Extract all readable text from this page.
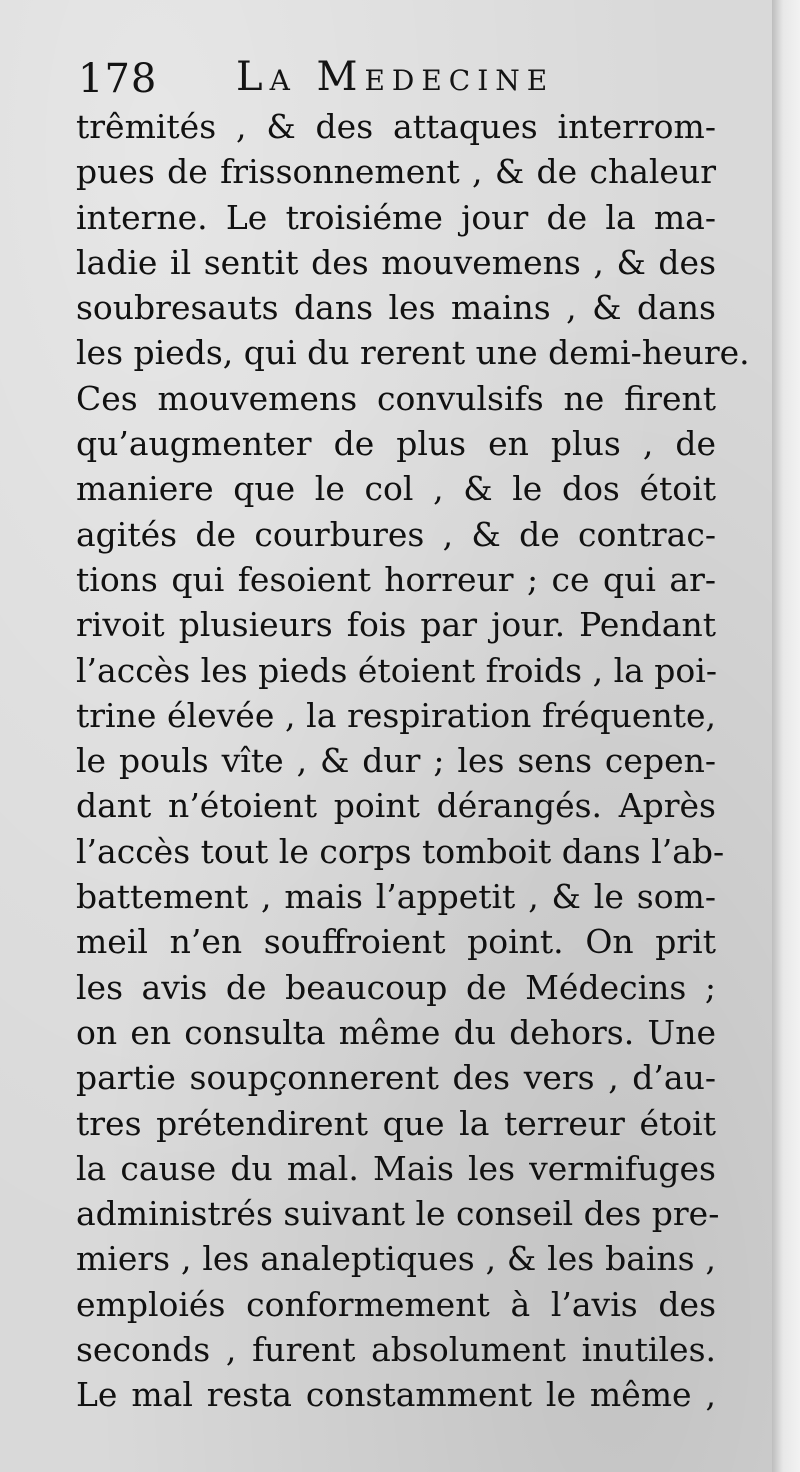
178 La Medecine
trêmités , & des attaques interrom-
pues de frissonnement , & de chaleur
interne. Le troisiéme jour de la ma-
ladie il sentit des mouvemens , & des
soubresauts dans les mains , & dans
les pieds, qui du rerent une demi-heure.
Ces mouvemens convulsifs ne firent
qu’augmenter de plus en plus , de
maniere que le col , & le dos étoit
agités de courbures , & de contrac-
tions qui fesoient horreur ; ce qui ar-
rivoit plusieurs fois par jour. Pendant
l’accès les pieds étoient froids , la poi-
trine élevée , la respiration fréquente,
le pouls vîte , & dur ; les sens cepen-
dant n’étoient point dérangés. Après
l’accès tout le corps tomboit dans l’ab-
battement , mais l’appetit , & le som-
meil n’en souffroient point. On prit
les avis de beaucoup de Médecins ;
on en consulta même du dehors. Une
partie soupçonnerent des vers , d’au-
tres prétendirent que la terreur étoit
la cause du mal. Mais les vermifuges
administrés suivant le conseil des pre-
miers , les analeptiques , & les bains ,
emploiés conformement à l’avis des
seconds , furent absolument inutiles.
Le mal resta constamment le même ,
